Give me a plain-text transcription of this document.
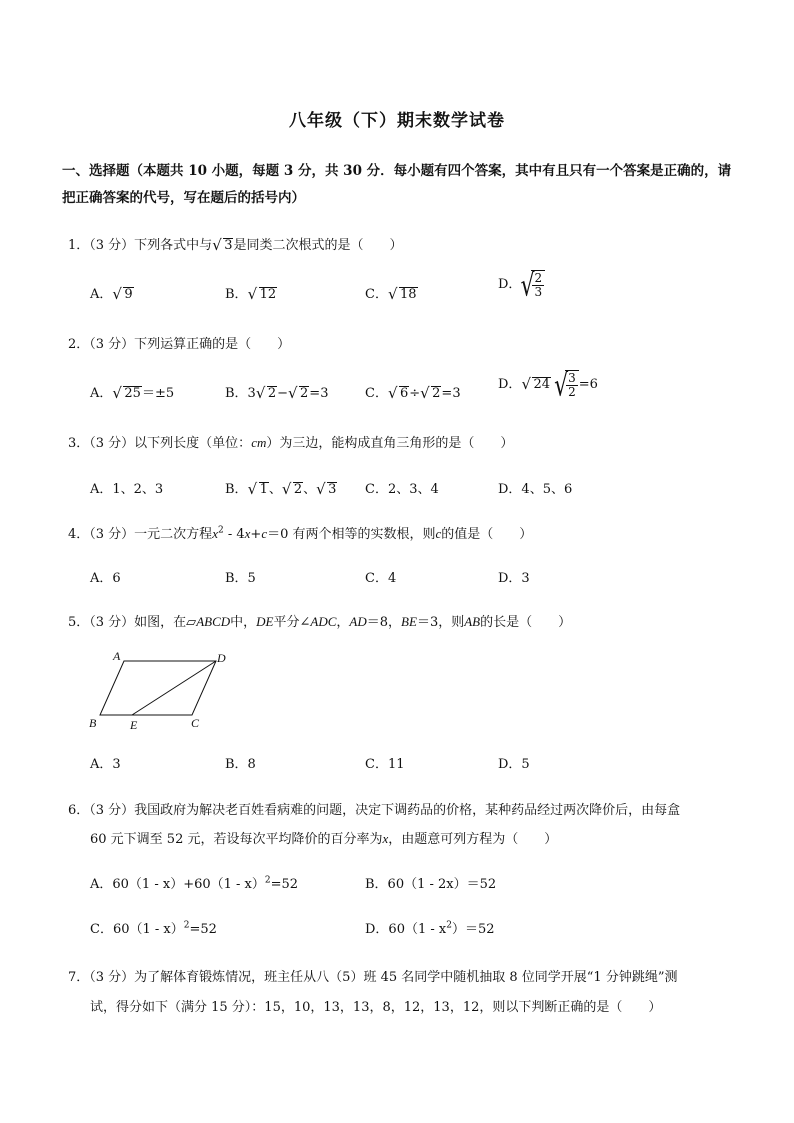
八年级（下）期末数学试卷
一、选择题（本题共 10 小题，每题 3 分，共 30 分．每小题有四个答案，其中有且只有一个答案是正确的，请把正确答案的代号，写在题后的括号内）
1．（3 分）下列各式中与 √ 3是同类二次根式的是（　　）
A． √ 9	B． √ 12	C． √ 18
D． √ $\frac{2}{3}$
2．（3 分）下列运算正确的是（　　）
A． √ 25＝±5	B．3 √ 2− √ 2=3	C． √ 6÷ √ 2=3
D． √ 24 √ $\frac{3}{2} =6$
3．（3 分）以下列长度（单位：cm）为三边，能构成直角三角形的是（　　）
A．1、2、3	B． √ 1、 √ 2、 √ 3 C．2、3、4	D．4、5、6
4．（3 分）一元二次方程$x^2 - 4x+c=0$ 有两个相等的实数根，则c的值是（　　）
A．6	B．5	C．4	D．3
5．（3 分）如图，在▱ABCD中，DE平分∠ADC，AD＝8，BE＝3，则AB的长是（　　）
A	D
B	E	C
A．3	B．8	C．11	D．5
6．（3 分）我国政府为解决老百姓看病难的问题，决定下调药品的价格，某种药品经过两次降价后，由每盒
60 元下调至 52 元，若设每次平均降价的百分率为x，由题意可列方程为（　　）
A．60（1 - x）+60（1 - x）$^2$=52	B．60（1 - 2x）＝52
C．60（1 - x）$^2$=52	D．$60(1 - x^2)=52$
7．（3 分）为了解体育锻炼情况，班主任从八（5）班 45 名同学中随机抽取 8 位同学开展“1 分钟跳绳”测
试，得分如下（满分 15 分）：15，10，13，13，8，12，13，12，则以下判断正确的是（　　）
